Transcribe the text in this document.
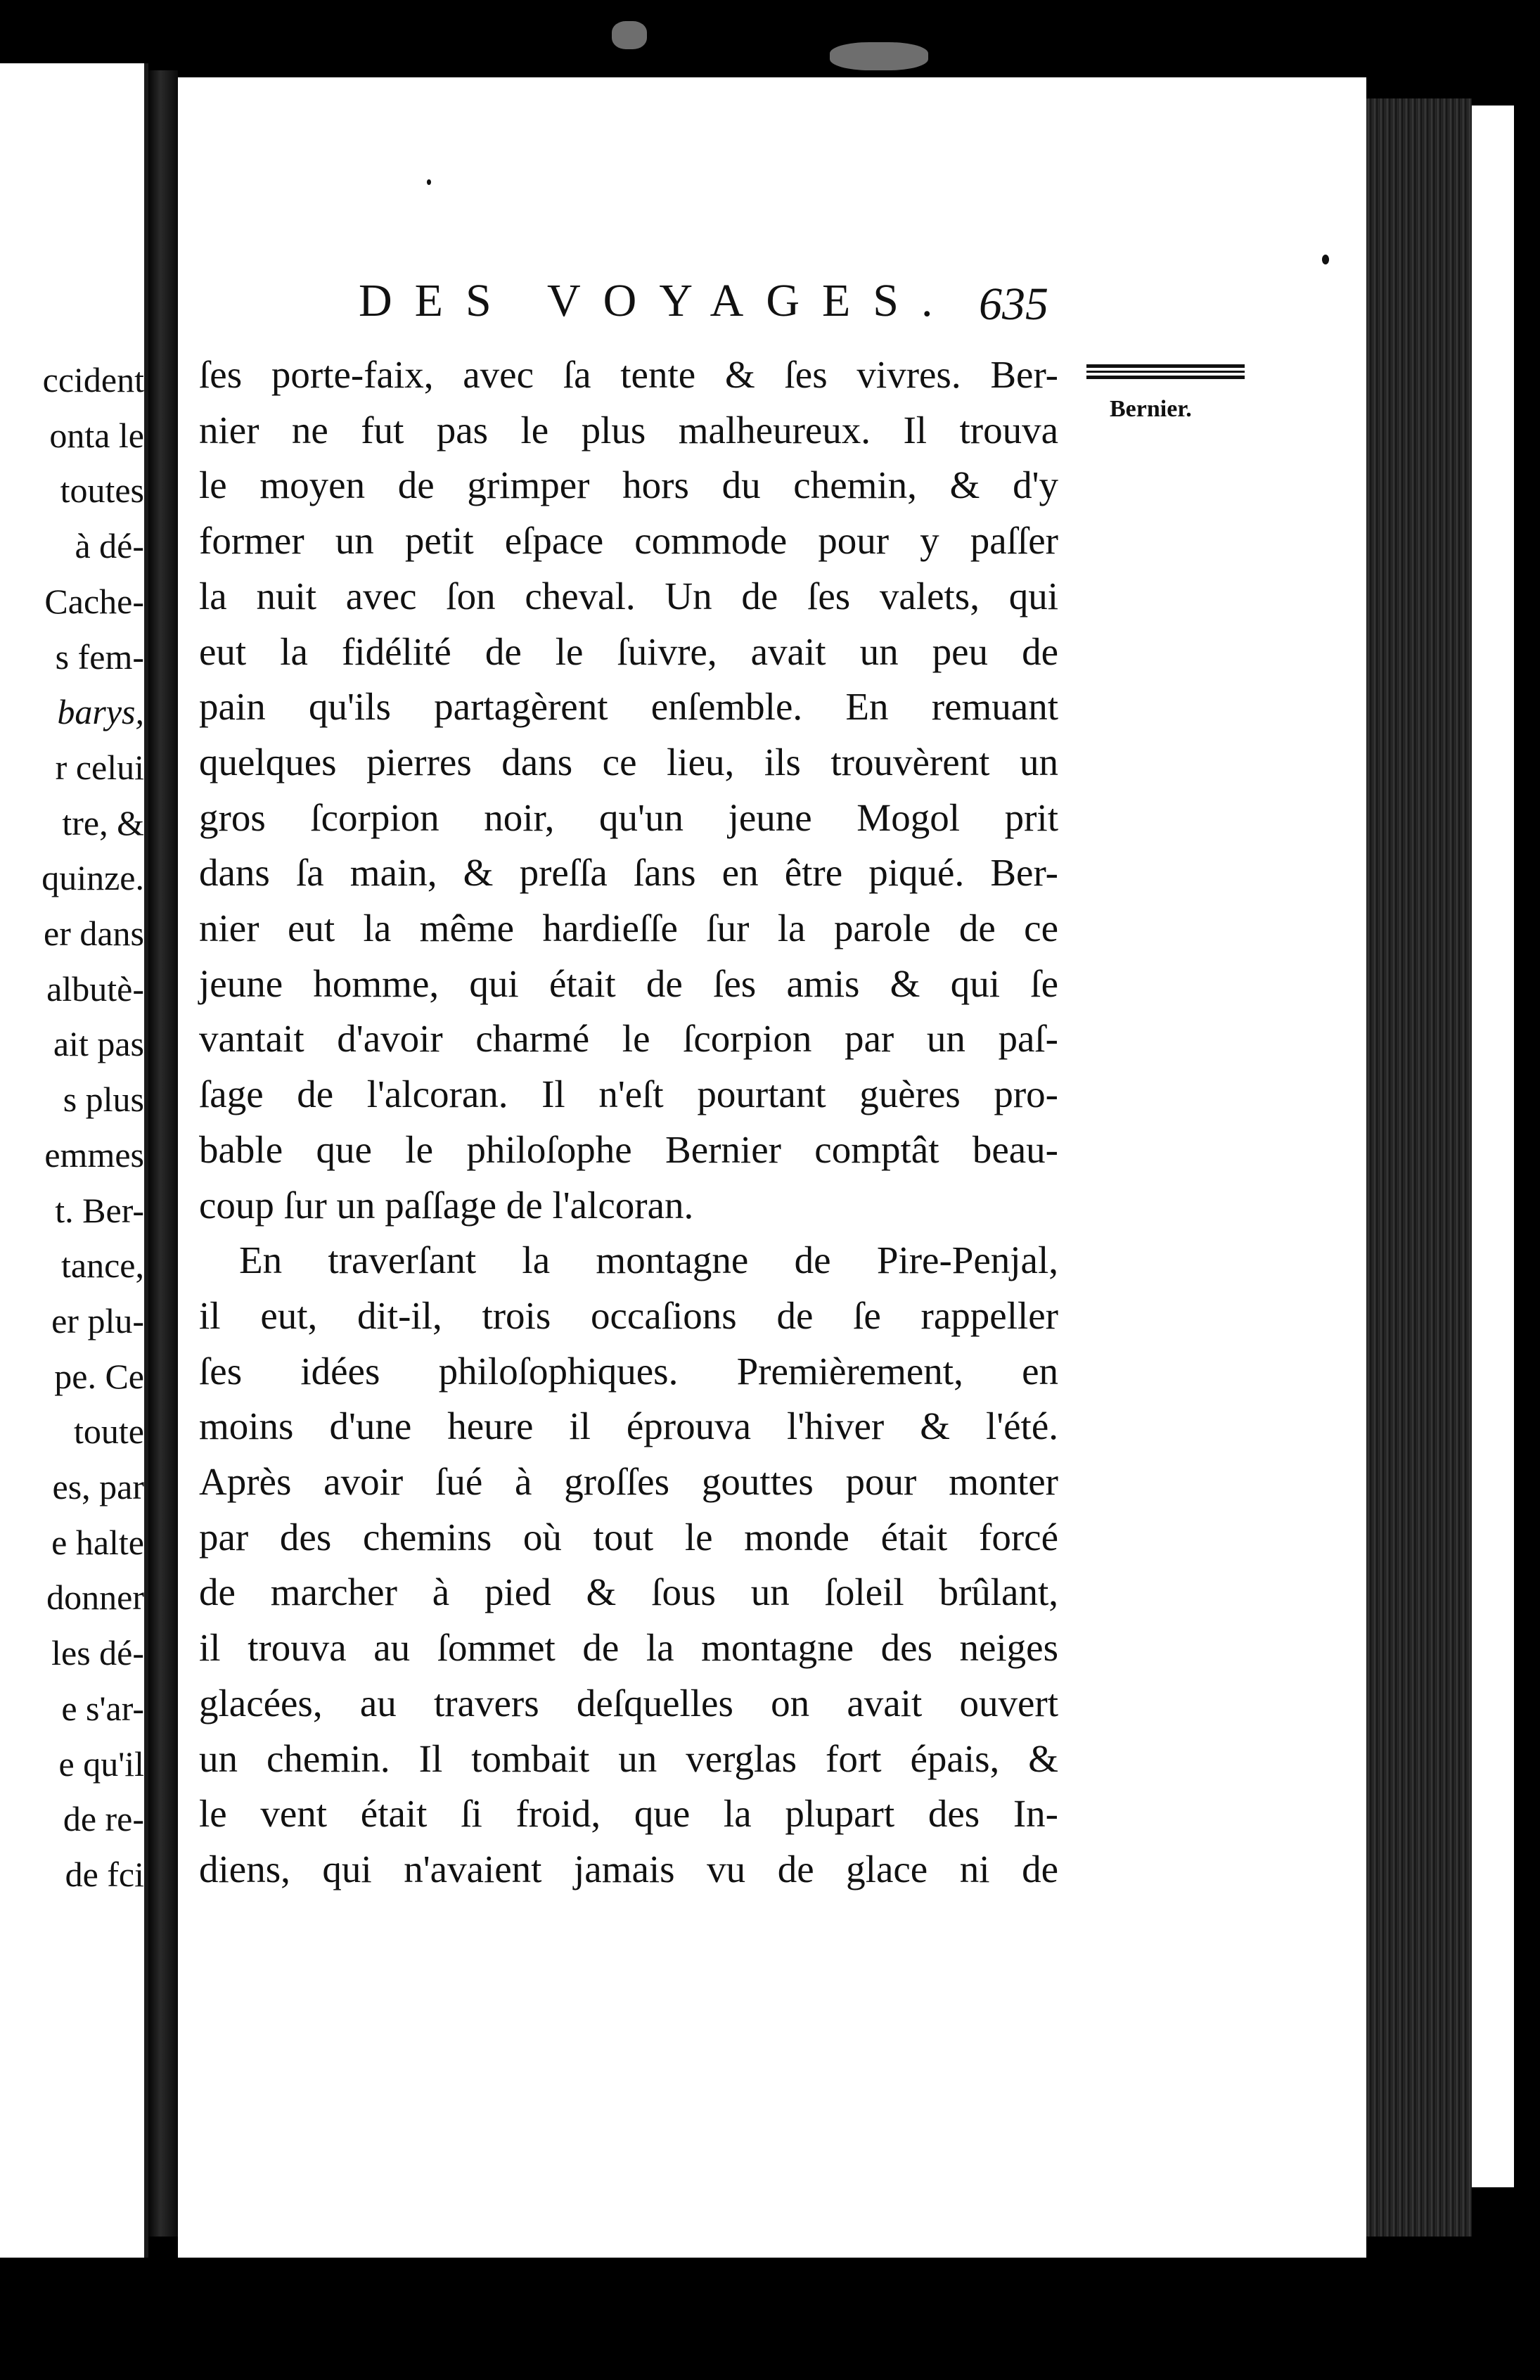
ccident
onta le
toutes
à dé-
Cache-
s fem-
barys,
r celui
tre, &
quinze.
er dans
albutè-
ait pas
s plus
emmes
t. Ber-
tance,
er plu-
pe. Ce
toute
es, par
e halte
donner
les dé-
e s'ar-
e qu'il
de re-
de fci
DES VOYAGES. 635
Bernier.
ſes porte-faix, avec ſa tente & ſes vivres. Ber-
nier ne fut pas le plus malheureux. Il trouva
le moyen de grimper hors du chemin, & d'y
former un petit eſpace commode pour y paſſer
la nuit avec ſon cheval. Un de ſes valets, qui
eut la fidélité de le ſuivre, avait un peu de
pain qu'ils partagèrent enſemble. En remuant
quelques pierres dans ce lieu, ils trouvèrent un
gros ſcorpion noir, qu'un jeune Mogol prit
dans ſa main, & preſſa ſans en être piqué. Ber-
nier eut la même hardieſſe ſur la parole de ce
jeune homme, qui était de ſes amis & qui ſe
vantait d'avoir charmé le ſcorpion par un paſ-
ſage de l'alcoran. Il n'eſt pourtant guères pro-
bable que le philoſophe Bernier comptât beau-
coup ſur un paſſage de l'alcoran.
En traverſant la montagne de Pire-Penjal,
il eut, dit-il, trois occaſions de ſe rappeller
ſes idées philoſophiques. Premièrement, en
moins d'une heure il éprouva l'hiver & l'été.
Après avoir ſué à groſſes gouttes pour monter
par des chemins où tout le monde était forcé
de marcher à pied & ſous un ſoleil brûlant,
il trouva au ſommet de la montagne des neiges
glacées, au travers deſquelles on avait ouvert
un chemin. Il tombait un verglas fort épais, &
le vent était ſi froid, que la plupart des In-
diens, qui n'avaient jamais vu de glace ni de
